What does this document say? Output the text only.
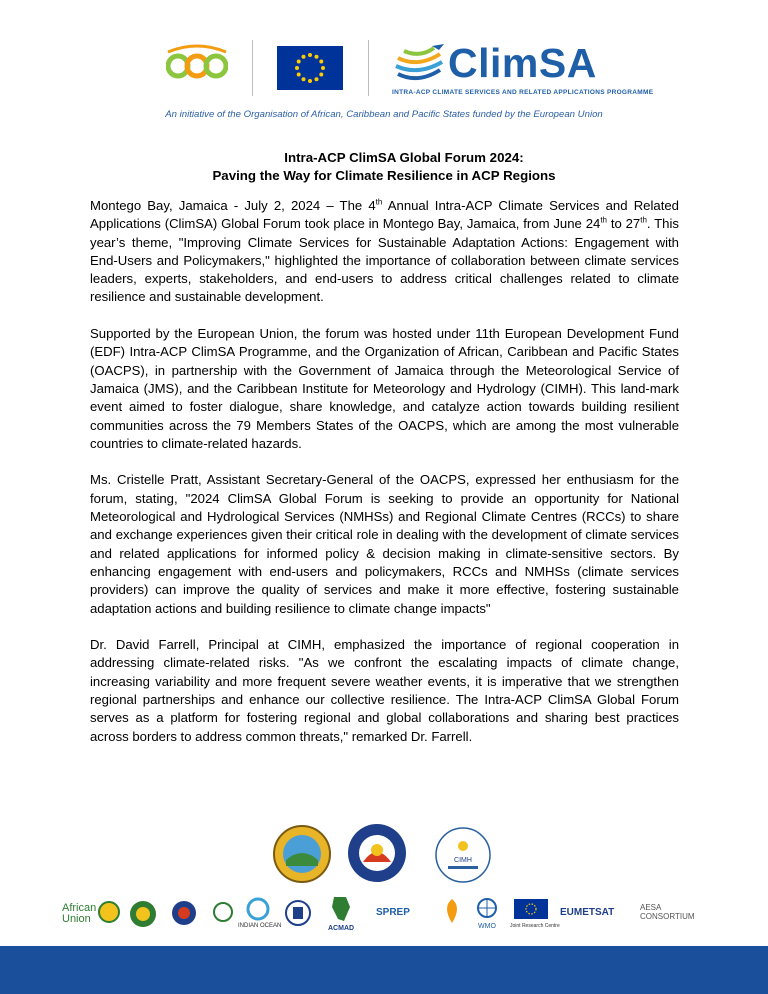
ClimSA
INTRA-ACP CLIMATE SERVICES AND RELATED APPLICATIONS PROGRAMME
An initiative of the Organisation of African, Caribbean and Pacific States funded by the European Union
Intra-ACP ClimSA Global Forum 2024:
Paving the Way for Climate Resilience in ACP Regions

Montego Bay, Jamaica - July 2, 2024 – The 4th Annual Intra-ACP Climate Services and Related Applications (ClimSA) Global Forum took place in Montego Bay, Jamaica, from June 24th to 27th. This year’s theme, "Improving Climate Services for Sustainable Adaptation Actions: Engagement with End-Users and Policymakers," highlighted the importance of collaboration between climate services leaders, experts, stakeholders, and end-users to address critical challenges related to climate resilience and sustainable development.

Supported by the European Union, the forum was hosted under 11th European Development Fund (EDF) Intra-ACP ClimSA Programme, and the Organization of African, Caribbean and Pacific States (OACPS), in partnership with the Government of Jamaica through the Meteorological Service of Jamaica (JMS), and the Caribbean Institute for Meteorology and Hydrology (CIMH). This land-mark event aimed to foster dialogue, share knowledge, and catalyze action towards building resilient communities across the 79 Members States of the OACPS, which are among the most vulnerable countries to climate-related hazards.

Ms. Cristelle Pratt, Assistant Secretary-General of the OACPS, expressed her enthusiasm for the forum, stating, "2024 ClimSA Global Forum is seeking to provide an opportunity for National Meteorological and Hydrological Services (NMHSs) and Regional Climate Centres (RCCs) to share and exchange experiences given their critical role in dealing with the development of climate services and related applications for informed policy & decision making in climate-sensitive sectors. By enhancing engagement with end-users and policymakers, RCCs and NMHSs (climate services providers) can improve the quality of services and make it more effective, fostering sustainable adaptation actions and building resilience to climate change impacts"

Dr. David Farrell, Principal at CIMH, emphasized the importance of regional cooperation in addressing climate-related risks. "As we confront the escalating impacts of climate change, increasing variability and more frequent severe weather events, it is imperative that we strengthen regional partnerships and enhance our collective resilience. The Intra-ACP ClimSA Global Forum serves as a platform for fostering regional and global collaborations and sharing best practices across borders to address common threats," remarked Dr. Farrell.

CIMH
African
Union
INDIAN OCEAN	ACMAD
SPREP
WMO	Joint Research Centre
EUMETSAT	AESA
CONSORTIUM
